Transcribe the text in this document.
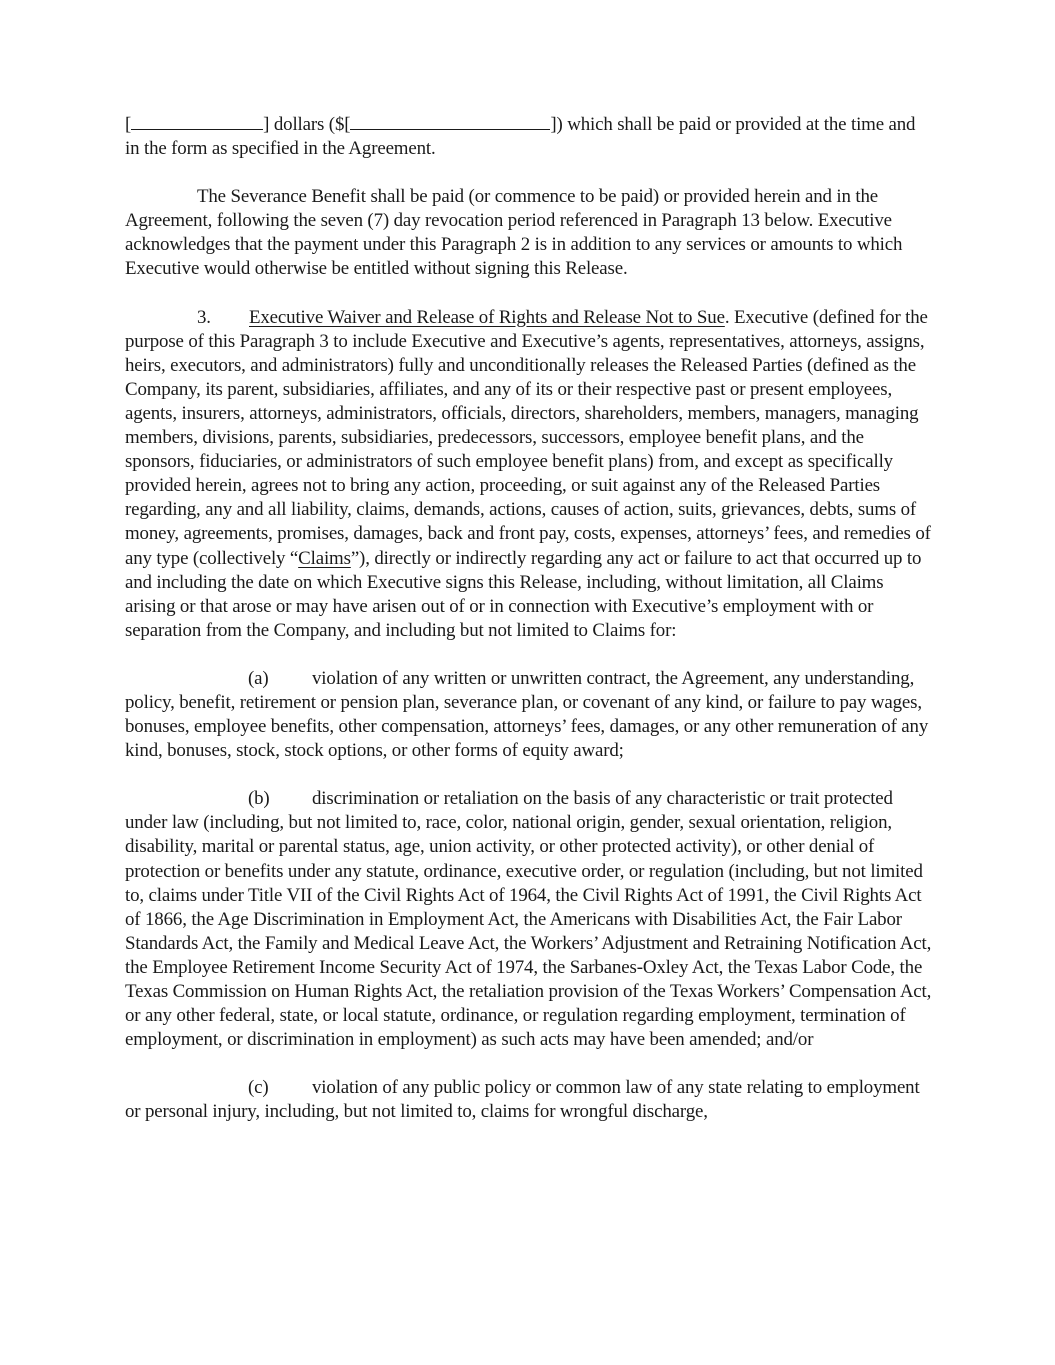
[	] dollars ($[	]) which shall be paid or provided at the time and in the form as specified in the Agreement.

The Severance Benefit shall be paid (or commence to be paid) or provided herein and in the Agreement, following the seven (7) day revocation period referenced in Paragraph 13 below. Executive acknowledges that the payment under this Paragraph 2 is in addition to any services or amounts to which Executive would otherwise be entitled without signing this Release.

3. Executive Waiver and Release of Rights and Release Not to Sue. Executive (defined for the purpose of this Paragraph 3 to include Executive and Executive’s agents, representatives, attorneys, assigns, heirs, executors, and administrators) fully and unconditionally releases the Released Parties (defined as the Company, its parent, subsidiaries, affiliates, and any of its or their respective past or present employees, agents, insurers, attorneys, administrators, officials, directors, shareholders, members, managers, managing members, divisions, parents, subsidiaries, predecessors, successors, employee benefit plans, and the sponsors, fiduciaries, or administrators of such employee benefit plans) from, and except as specifically provided herein, agrees not to bring any action, proceeding, or suit against any of the Released Parties regarding, any and all liability, claims, demands, actions, causes of action, suits, grievances, debts, sums of money, agreements, promises, damages, back and front pay, costs, expenses, attorneys’ fees, and remedies of any type (collectively “Claims”), directly or indirectly regarding any act or failure to act that occurred up to and including the date on which Executive signs this Release, including, without limitation, all Claims arising or that arose or may have arisen out of or in connection with Executive’s employment with or separation from the Company, and including but not limited to Claims for:

(a) violation of any written or unwritten contract, the Agreement, any understanding, policy, benefit, retirement or pension plan, severance plan, or covenant of any kind, or failure to pay wages, bonuses, employee benefits, other compensation, attorneys’ fees, damages, or any other remuneration of any kind, bonuses, stock, stock options, or other forms of equity award;

(b) discrimination or retaliation on the basis of any characteristic or trait protected under law (including, but not limited to, race, color, national origin, gender, sexual orientation, religion, disability, marital or parental status, age, union activity, or other protected activity), or other denial of protection or benefits under any statute, ordinance, executive order, or regulation (including, but not limited to, claims under Title VII of the Civil Rights Act of 1964, the Civil Rights Act of 1991, the Civil Rights Act of 1866, the Age Discrimination in Employment Act, the Americans with Disabilities Act, the Fair Labor Standards Act, the Family and Medical Leave Act, the Workers’ Adjustment and Retraining Notification Act, the Employee Retirement Income Security Act of 1974, the Sarbanes-Oxley Act, the Texas Labor Code, the Texas Commission on Human Rights Act, the retaliation provision of the Texas Workers’ Compensation Act, or any other federal, state, or local statute, ordinance, or regulation regarding employment, termination of employment, or discrimination in employment) as such acts may have been amended; and/or

(c) violation of any public policy or common law of any state relating to employment or personal injury, including, but not limited to, claims for wrongful discharge,
